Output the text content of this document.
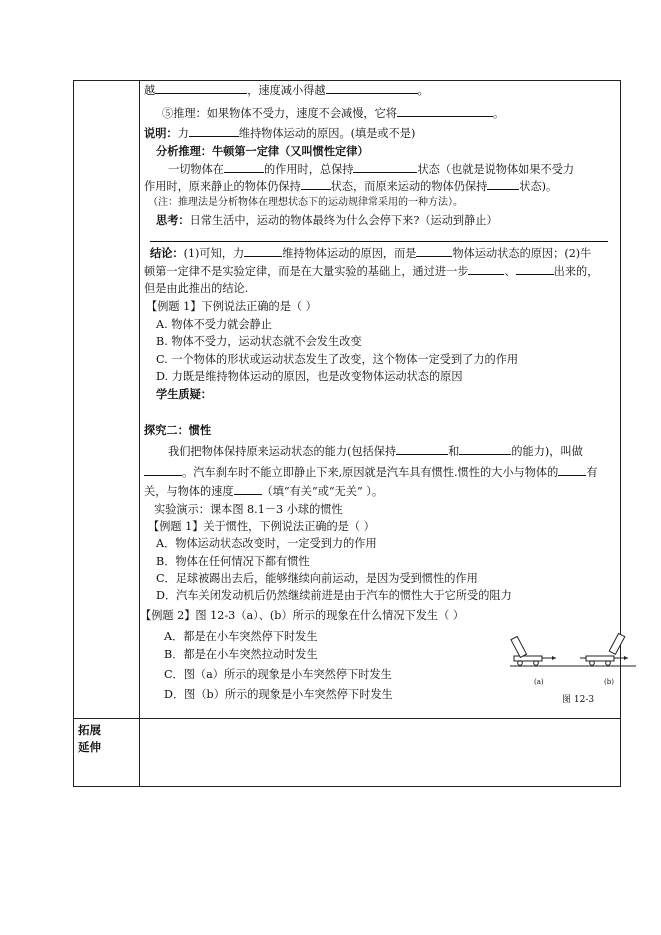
拓展
延伸
越	，速度减小得越	。
⑤推理：如果物体不受力，速度不会减慢，它将	。
说明：力	维持物体运动的原因。(填是或不是)
分析推理：牛顿第一定律（又叫惯性定律）
一切物体在	的作用时，总保持	状态（也就是说物体如果不受力
作用时，原来静止的物体仍保持	状态，而原来运动的物体仍保持	状态)。
（注：推理法是分析物体在理想状态下的运动规律常采用的一种方法）。
思考：日常生活中，运动的物体最终为什么会停下来?（运动到静止）
结论：(1)可知，力	维持物体运动的原因，而是	物体运动状态的原因；(2)牛
顿第一定律不是实验定律，而是在大量实验的基础上，通过进一步	、	出来的，
但是由此推出的结论.
【例题 1】下例说法正确的是（ ）
A. 物体不受力就会静止
B. 物体不受力，运动状态就不会发生改变
C. 一个物体的形状或运动状态发生了改变，这个物体一定受到了力的作用
D. 力既是维持物体运动的原因，也是改变物体运动状态的原因
学生质疑：
探究二：惯性
我们把物体保持原来运动状态的能力(包括保持	和	的能力)，叫做
。汽车刹车时不能立即静止下来,原因就是汽车具有惯性.惯性的大小与物体的	有
关，与物体的速度	（填“有关”或“无关” ）。
实验演示：课本图 8.1－3 小球的惯性
【例题 1】关于惯性，下例说法正确的是（ ）
A．物体运动状态改变时，一定受到力的作用
B．物体在任何情况下都有惯性
C．足球被踢出去后，能够继续向前运动，是因为受到惯性的作用
D．汽车关闭发动机后仍然继续前进是由于汽车的惯性大于它所受的阻力
【例题 2】图 12-3（a）、(b）所示的现象在什么情况下发生（ ）
A．都是在小车突然停下时发生
B．都是在小车突然拉动时发生
C．图（a）所示的现象是小车突然停下时发生
D．图（b）所示的现象是小车突然停下时发生
(a)	(b)
图 12-3
